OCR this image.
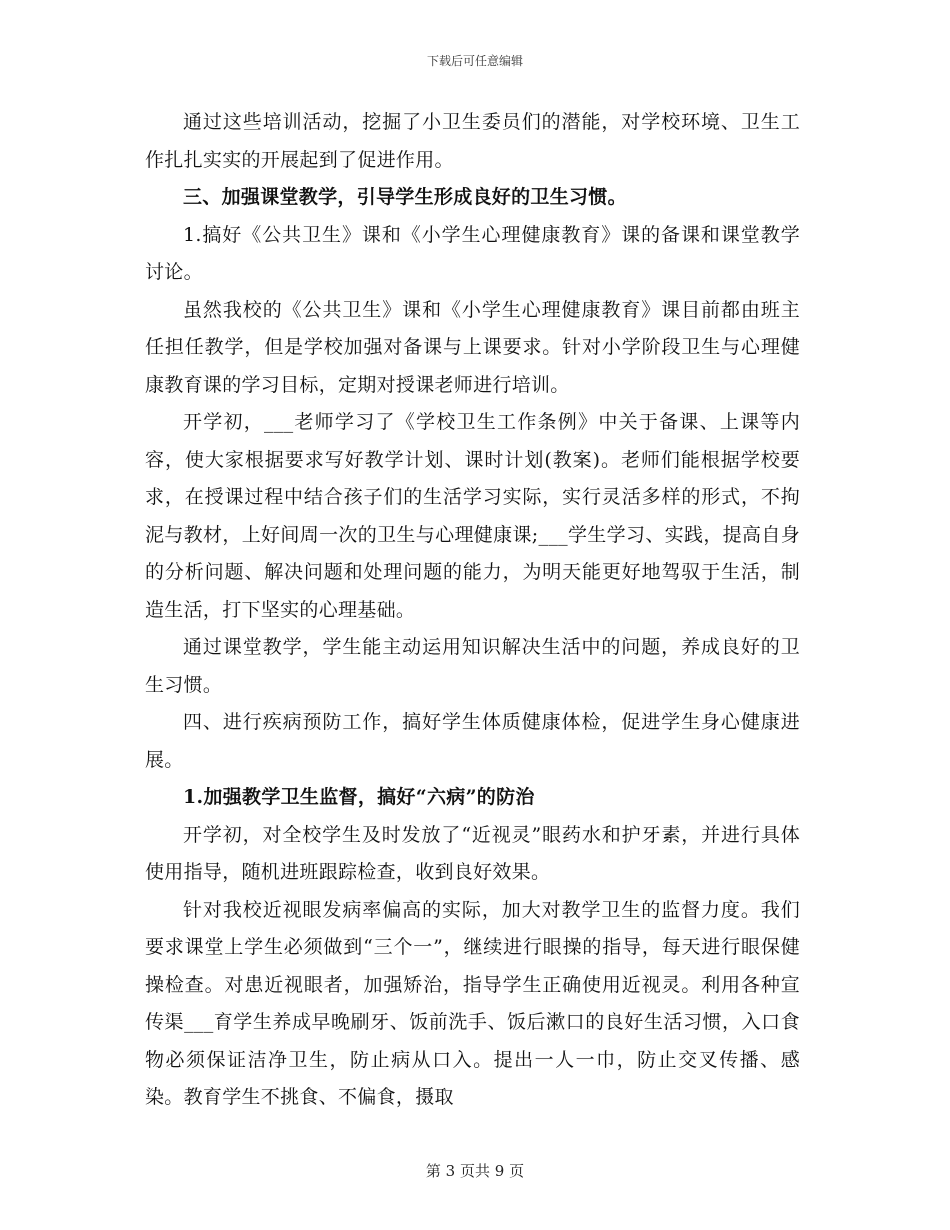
下载后可任意编辑

通过这些培训活动，挖掘了小卫生委员们的潜能，对学校环境、卫生工作扎扎实实的开展起到了促进作用。

三、加强课堂教学，引导学生形成良好的卫生习惯。

1.搞好《公共卫生》课和《小学生心理健康教育》课的备课和课堂教学讨论。

虽然我校的《公共卫生》课和《小学生心理健康教育》课目前都由班主任担任教学，但是学校加强对备课与上课要求。针对小学阶段卫生与心理健康教育课的学习目标，定期对授课老师进行培训。

开学初，___老师学习了《学校卫生工作条例》中关于备课、上课等内容，使大家根据要求写好教学计划、课时计划(教案)。老师们能根据学校要求，在授课过程中结合孩子们的生活学习实际，实行灵活多样的形式，不拘泥与教材，上好间周一次的卫生与心理健康课;___学生学习、实践，提高自身的分析问题、解决问题和处理问题的能力，为明天能更好地驾驭于生活，制造生活，打下坚实的心理基础。

通过课堂教学，学生能主动运用知识解决生活中的问题，养成良好的卫生习惯。

四、进行疾病预防工作，搞好学生体质健康体检，促进学生身心健康进展。

1.加强教学卫生监督，搞好“六病”的防治

开学初，对全校学生及时发放了“近视灵”眼药水和护牙素，并进行具体使用指导，随机进班跟踪检查，收到良好效果。

针对我校近视眼发病率偏高的实际，加大对教学卫生的监督力度。我们要求课堂上学生必须做到“三个一”，继续进行眼操的指导，每天进行眼保健操检查。对患近视眼者，加强矫治，指导学生正确使用近视灵。利用各种宣传渠___育学生养成早晚刷牙、饭前洗手、饭后漱口的良好生活习惯，入口食物必须保证洁净卫生，防止病从口入。提出一人一巾，防止交叉传播、感染。教育学生不挑食、不偏食，摄取

第 3 页共 9 页
